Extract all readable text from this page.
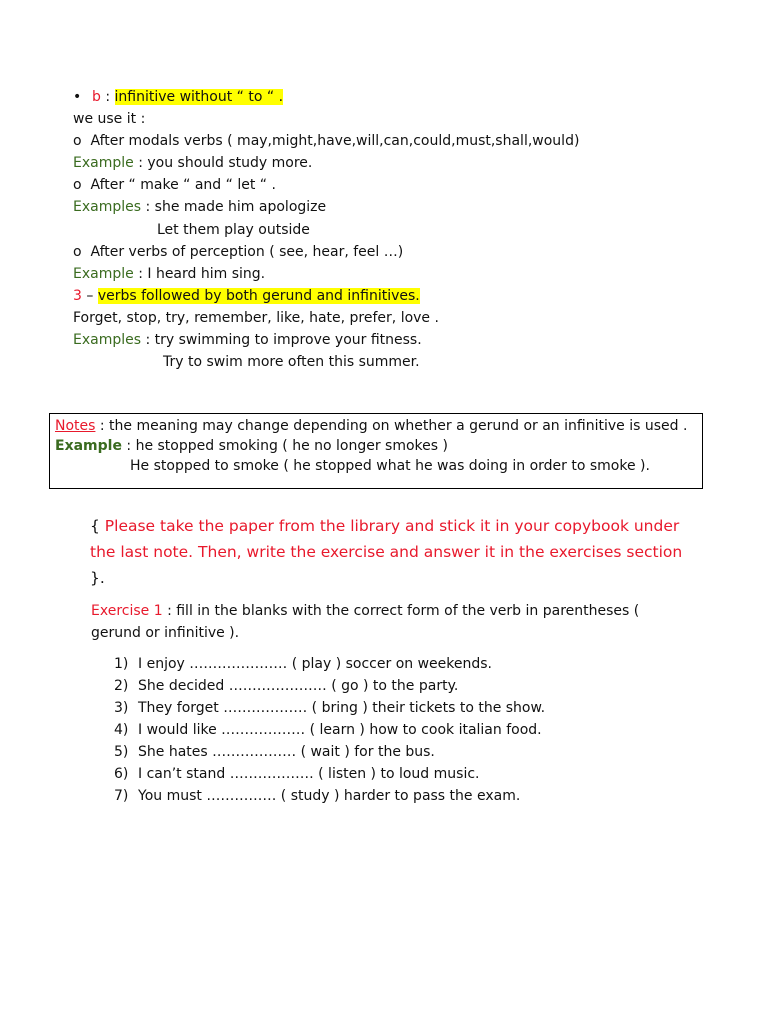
• b : infinitive without “ to “ .
we use it :
o After modals verbs ( may,might,have,will,can,could,must,shall,would)
Example : you should study more.
o After “ make “ and “ let “ .
Examples : she made him apologize
Let them play outside
o After verbs of perception ( see, hear, feel …)
Example : I heard him sing.
3 – verbs followed by both gerund and infinitives.
Forget, stop, try, remember, like, hate, prefer, love .
Examples : try swimming to improve your fitness.
Try to swim more often this summer.
Notes : the meaning may change depending on whether a gerund or an infinitive is used .
Example : he stopped smoking ( he no longer smokes )
He stopped to smoke ( he stopped what he was doing in order to smoke ).
{ Please take the paper from the library and stick it in your copybook under the last note. Then, write the exercise and answer it in the exercises section }.
Exercise 1 : fill in the blanks with the correct form of the verb in parentheses ( gerund or infinitive ).
1) I enjoy ………………… ( play ) soccer on weekends.
2) She decided ………………… ( go ) to the party.
3) They forget ……………… ( bring ) their tickets to the show.
4) I would like ……………… ( learn ) how to cook italian food.
5) She hates ……………… ( wait ) for the bus.
6) I can’t stand ……………… ( listen ) to loud music.
7) You must …………… ( study ) harder to pass the exam.
